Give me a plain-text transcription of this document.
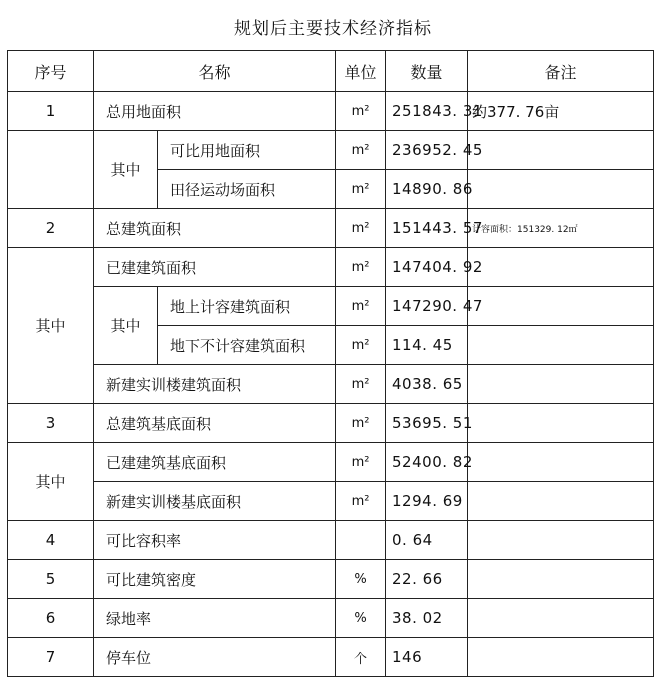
规划后主要技术经济指标
序号	名称		单位	数量	备注
1	总用地面积		m²	251843. 31	约377. 76亩
	其中	可比用地面积	m²	236952. 45	
		田径运动场面积	m²	14890. 86	
2	总建筑面积		m²	151443. 57	计容面积：151329. 12㎡
其中	已建建筑面积		m²	147404. 92	
	其中	地上计容建筑面积	m²	147290. 47	
		地下不计容建筑面积	m²	114. 45	
	新建实训楼建筑面积		m²	4038. 65	
3	总建筑基底面积		m²	53695. 51	
其中	已建建筑基底面积		m²	52400. 82	
	新建实训楼基底面积		m²	1294. 69	
4	可比容积率			0. 64	
5	可比建筑密度		%	22. 66	
6	绿地率		%	38. 02	
7	停车位		个	146	
